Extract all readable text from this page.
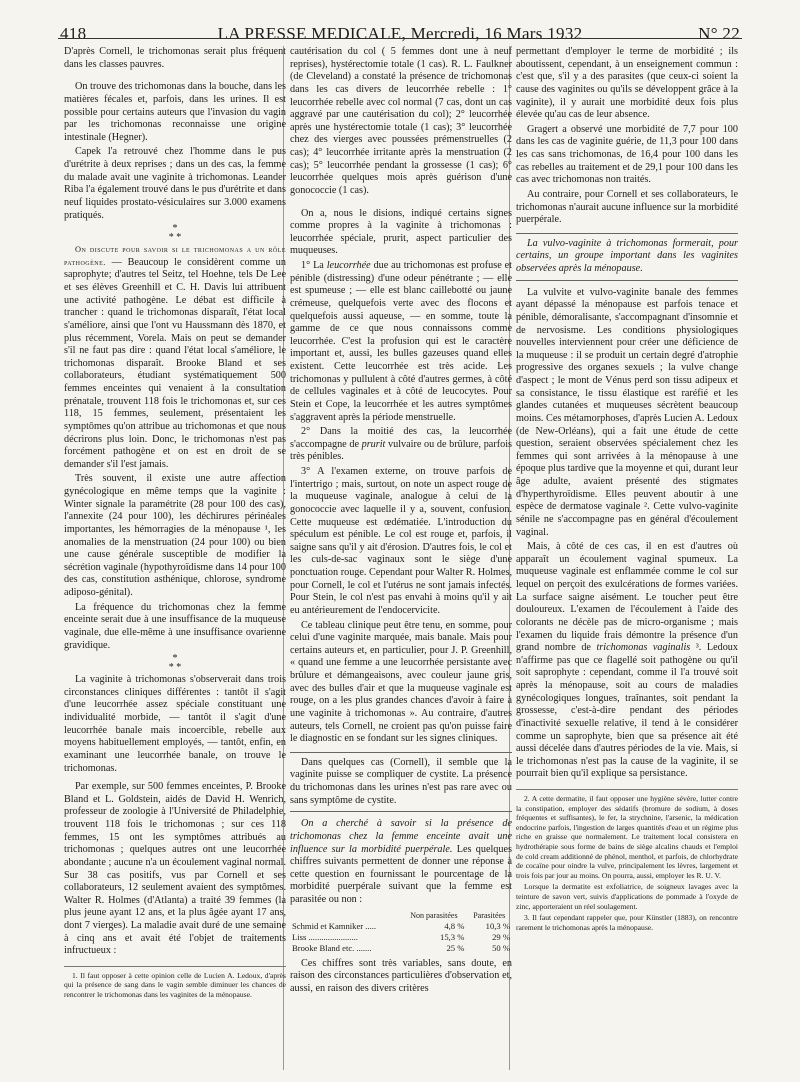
418	LA PRESSE MEDICALE, Mercredi, 16 Mars 1932	N° 22

D'après Cornell, le trichomonas serait plus fréquent dans les classes pauvres.

On trouve des trichomonas dans la bouche, dans les matières fécales et, parfois, dans les urines. Il est possible pour certains auteurs que l'invasion du vagin par les trichomonas reconnaisse une origine intestinale (Hegner).

Capek l'a retrouvé chez l'homme dans le pus d'urétrite à deux reprises ; dans un des cas, la femme du malade avait une vaginite à trichomonas. Leander Riba l'a également trouvé dans le pus d'urétrite et dans neuf liquides prostato-vésiculaires sur 3.000 examens pratiqués.

*
* *

On discute pour savoir si le trichomonas a un rôle pathogène. — Beaucoup le considèrent comme un saprophyte; d'autres tel Seitz, tel Hoehne, tels De Lee et ses élèves Greenhill et C. H. Davis lui attribuent une activité pathogène. Le débat est difficile à trancher : quand le trichomonas disparaît, l'état local s'améliore, ainsi que l'ont vu Haussmann dès 1870, et plus récemment, Vorela. Mais on peut se demander s'il ne faut pas dire : quand l'état local s'améliore, le trichomonas disparaît. Brooke Bland et ses collaborateurs, étudiant systématiquement 500 femmes enceintes qui venaient à la consultation prénatale, trouvent 118 fois le trichomonas et, sur ces 118, 15 femmes, seulement, présentaient les symptômes qu'on attribue au trichomonas et que nous décrirons plus loin. Donc, le trichomonas n'est pas forcément pathogène et on est en droit de se demander s'il l'est jamais.

Très souvent, il existe une autre affection gynécologique en même temps que la vaginite : Winter signale la paramétrite (28 pour 100 des cas), l'annexite (24 pour 100), les déchirures périnéales importantes, les hémorragies de la ménopause ¹, les anomalies de la menstruation (24 pour 100) ou bien une cause générale susceptible de modifier la sécrétion vaginale (hypothyroïdisme dans 14 pour 100 des cas, constitution asthénique, chlorose, syndrome adiposo-génital).

La fréquence du trichomonas chez la femme enceinte serait due à une insuffisance de la muqueuse vaginale, due elle-même à une insuffisance ovarienne gravidique.

*
* *

La vaginite à trichomonas s'observerait dans trois circonstances cliniques différentes : tantôt il s'agit d'une leucorrhée assez spéciale constituant une individualité morbide, — tantôt il s'agit d'une leucorrhée banale mais incoercible, rebelle aux moyens habituellement employés, — tantôt, enfin, en examinant une leucorrhée banale, on trouve le trichomonas.

Par exemple, sur 500 femmes enceintes, P. Brooke Bland et L. Goldstein, aidés de David H. Wenrich, professeur de zoologie à l'Université de Philadelphie, trouvent 118 fois le trichomonas ; sur ces 118 femmes, 15 ont les symptômes attribués au trichomonas ; quelques autres ont une leucorrhée abondante ; aucune n'a un écoulement vaginal normal. Sur 38 cas positifs, vus par Cornell et ses collaborateurs, 12 seulement avaient des symptômes. Walter R. Holmes (d'Atlanta) a traité 39 femmes (la plus jeune ayant 12 ans, et la plus âgée ayant 17 ans, dont 7 vierges). La maladie avait duré de une semaine à cinq ans et avait été l'objet de traitements infructueux :

1. Il faut opposer à cette opinion celle de Lucien A. Ledoux, d'après qui la présence de sang dans le vagin semble diminuer les chances de rencontrer le trichomonas dans les vaginites de la ménopause.

cautérisation du col ( 5 femmes dont une à neuf reprises), hystérectomie totale (1 cas). R. L. Faulkner (de Cleveland) a constaté la présence de trichomonas dans les cas divers de leucorrhée rebelle : 1° leucorrhée rebelle avec col normal (7 cas, dont un cas aggravé par une cautérisation du col); 2° leucorrhée après une hystérectomie totale (1 cas); 3° leucorrhée chez des vierges avec poussées prémenstruelles (2 cas); 4° leucorrhée irritante après la menstruation (2 cas); 5° leucorrhée pendant la grossesse (1 cas); 6° leucorrhée quelques mois après guérison d'une gonococcie (1 cas).

On a, nous le disions, indiqué certains signes comme propres à la vaginite à trichomonas : leucorrhée spéciale, prurit, aspect particulier des muqueuses.

1° La leucorrhée due au trichomonas est profuse et pénible (distressing) d'une odeur pénétrante ; — elle est spumeuse ; — elle est blanc caillebotté ou jaune crémeuse, quelquefois verte avec des flocons et quelquefois aussi aqueuse, — en somme, toute la gamme de ce que nous connaissons comme leucorrhée. C'est la profusion qui est le caractère important et, aussi, les bulles gazeuses quand elles existent. Cette leucorrhée est très acide. Les trichomonas y pullulent à côté d'autres germes, à côté de cellules vaginales et à côté de leucocytes. Pour Stein et Cope, la leucorrhée et les autres symptômes s'aggravent après la période menstruelle.

2° Dans la moitié des cas, la leucorrhée s'accompagne de prurit vulvaire ou de brûlure, parfois très pénibles.

3° A l'examen externe, on trouve parfois de l'intertrigo ; mais, surtout, on note un aspect rouge de la muqueuse vaginale, analogue à celui de la gonococcie avec laquelle il y a, souvent, confusion. Cette muqueuse est œdématiée. L'introduction du spéculum est pénible. Le col est rouge et, parfois, il saigne sans qu'il y ait d'érosion. D'autres fois, le col et les culs-de-sac vaginaux sont le siège d'une ponctuation rouge. Cependant pour Walter R. Holmes, pour Cornell, le col et l'utérus ne sont jamais infectés. Pour Stein, le col n'est pas envahi à moins qu'il y ait eu antérieurement de l'endocervicite.

Ce tableau clinique peut être tenu, en somme, pour celui d'une vaginite marquée, mais banale. Mais pour certains auteurs et, en particulier, pour J. P. Greenhill, « quand une femme a une leucorrhée persistante avec brûlure et démangeaisons, avec couleur jaune gris, avec des bulles d'air et que la muqueuse vaginale est rouge, on a les plus grandes chances d'avoir à faire à une vaginite à trichomonas ». Au contraire, d'autres auteurs, tels Cornell, ne croient pas qu'on puisse faire le diagnostic en se fondant sur les signes cliniques.

Dans quelques cas (Cornell), il semble que la vaginite puisse se compliquer de cystite. La présence du trichomonas dans les urines n'est pas rare avec ou sans symptôme de cystite.

On a cherché à savoir si la présence de trichomonas chez la femme enceinte avait une influence sur la morbidité puerpérale. Les quelques chiffres suivants permettent de donner une réponse à cette question en fournissant le pourcentage de la morbidité puerpérale suivant que la femme est parasitée ou non :

	Non parasitées	Parasitées
Schmid et Kamniker .....	4,8 %	10,3 %
Liss .......................	15,3 %	29 %
Brooke Bland etc. .......	25 %	50 %

Ces chiffres sont très variables, sans doute, en raison des circonstances particulières d'observation et, aussi, en raison des divers critères

permettant d'employer le terme de morbidité ; ils aboutissent, cependant, à un enseignement commun : c'est que, s'il y a des parasites (que ceux-ci soient la cause des vaginites ou qu'ils se développent grâce à la vaginite), il y aurait une morbidité deux fois plus élevée qu'au cas de leur absence.

Gragert a observé une morbidité de 7,7 pour 100 dans les cas de vaginite guérie, de 11,3 pour 100 dans les cas sans trichomonas, de 16,4 pour 100 dans les cas rebelles au traitement et de 29,1 pour 100 dans les cas avec trichomonas non traités.

Au contraire, pour Cornell et ses collaborateurs, le trichomonas n'aurait aucune influence sur la morbidité puerpérale.

La vulvo-vaginite à trichomonas formerait, pour certains, un groupe important dans les vaginites observées après la ménopause.

La vulvite et vulvo-vaginite banale des femmes ayant dépassé la ménopause est parfois tenace et pénible, démoralisante, s'accompagnant d'insomnie et de nervosisme. Les conditions physiologiques nouvelles interviennent pour créer une déficience de la muqueuse : il se produit un certain degré d'atrophie progressive des organes sexuels ; la vulve change d'aspect ; le mont de Vénus perd son tissu adipeux et sa consistance, le tissu élastique est raréfié et les glandes cutanées et muqueuses sécrètent beaucoup moins. Ces métamorphoses, d'après Lucien A. Ledoux (de New-Orléans), qui a fait une étude de cette question, seraient observées spécialement chez les femmes qui sont arrivées à la ménopause à une époque plus tardive que la moyenne et qui, durant leur âge adulte, avaient présenté des stigmates d'hyperthyroïdisme. Elles peuvent aboutir à une espèce de dermatose vaginale ². Cette vulvo-vaginite sénile ne s'accompagne pas en général d'écoulement vaginal.

Mais, à côté de ces cas, il en est d'autres où apparaît un écoulement vaginal spumeux. La muqueuse vaginale est enflammée comme le col sur lequel on perçoit des exulcérations de formes variées. La surface saigne aisément. Le toucher peut être douloureux. L'examen de l'écoulement à l'aide des colorants ne décèle pas de micro-organisme ; mais l'examen du liquide frais démontre la présence d'un grand nombre de trichomonas vaginalis ³. Ledoux n'affirme pas que ce flagellé soit pathogène ou qu'il soit saprophyte : cependant, comme il l'a trouvé soit après la ménopause, soit au cours de maladies gynécologiques longues, traînantes, soit pendant la grossesse, c'est-à-dire pendant des périodes d'inactivité sexuelle relative, il tend à le considérer comme un saprophyte, bien que sa présence ait été aussi décelée dans d'autres périodes de la vie. Mais, si le trichomonas n'est pas la cause de la vaginite, il se pourrait bien qu'il explique sa persistance.

2. A cette dermatite, il faut opposer une hygiène sévère, lutter contre la constipation, employer des sédatifs (bromure de sodium, à doses fréquentes et suffisantes), le fer, la strychnine, l'arsenic, la médication endocrine parfois, l'ingestion de larges quantités d'eau et un régime plus riche en graisse que normalement. Le traitement local consistera en hydrothérapie sous forme de bains de siège alcalins chauds et l'emploi de cold cream additionné de phénol, menthol, et parfois, de chlorhydrate de cocaïne pour oindre la vulve, principalement les lèvres, largement et trois fois par jour au moins. On pourra, aussi, employer les R. U. V.

Lorsque la dermatite est exfoliatrice, de soigneux lavages avec la teinture de savon vert, suivis d'applications de pommade à l'oxyde de zinc, apporteraient un réel soulagement.

3. Il faut cependant rappeler que, pour Künstler (1883), on rencontre rarement le trichomonas après la ménopause.
